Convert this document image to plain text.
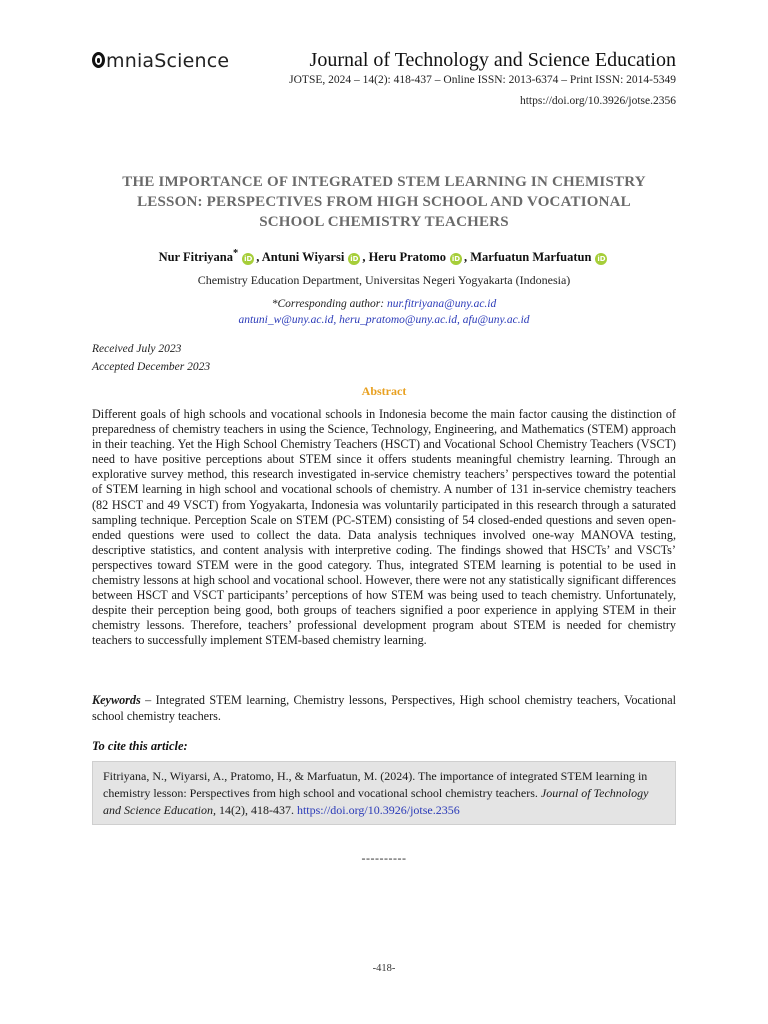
mniaScience	Journal of Technology and Science Education
JOTSE, 2024 – 14(2): 418-437 – Online ISSN: 2013-6374 – Print ISSN: 2014-5349
https://doi.org/10.3926/jotse.2356
THE IMPORTANCE OF INTEGRATED STEM LEARNING IN CHEMISTRY
LESSON: PERSPECTIVES FROM HIGH SCHOOL AND VOCATIONAL
SCHOOL CHEMISTRY TEACHERS
Nur Fitriyana*iD , Antuni Wiyarsi iD , Heru Pratomo iD , Marfuatun Marfuatun iD
Chemistry Education Department, Universitas Negeri Yogyakarta (Indonesia)
*Corresponding author: nur.fitriyana@uny.ac.id
antuni_w@uny.ac.id, heru_pratomo@uny.ac.id, afu@uny.ac.id
Received July 2023
Accepted December 2023
Abstract
Different goals of high schools and vocational schools in Indonesia become the main factor causing the distinction of preparedness of chemistry teachers in using the Science, Technology, Engineering, and Mathematics (STEM) approach in their teaching. Yet the High School Chemistry Teachers (HSCT) and Vocational School Chemistry Teachers (VSCT) need to have positive perceptions about STEM since it offers students meaningful chemistry learning. Through an explorative survey method, this research investigated in-service chemistry teachers’ perspectives toward the potential of STEM learning in high school and vocational schools of chemistry. A number of 131 in-service chemistry teachers (82 HSCT and 49 VSCT) from Yogyakarta, Indonesia was voluntarily participated in this research through a saturated sampling technique. Perception Scale on STEM (PC-STEM) consisting of 54 closed-ended questions and seven open-ended questions were used to collect the data. Data analysis techniques involved one-way MANOVA testing, descriptive statistics, and content analysis with interpretive coding. The findings showed that HSCTs’ and VSCTs’ perspectives toward STEM were in the good category. Thus, integrated STEM learning is potential to be used in chemistry lessons at high school and vocational school. However, there were not any statistically significant differences between HSCT and VSCT participants’ perceptions of how STEM was being used to teach chemistry. Unfortunately, despite their perception being good, both groups of teachers signified a poor experience in applying STEM in their chemistry lessons. Therefore, teachers’ professional development program about STEM is needed for chemistry teachers to successfully implement STEM-based chemistry learning.
Keywords – Integrated STEM learning, Chemistry lessons, Perspectives, High school chemistry teachers, Vocational school chemistry teachers.
To cite this article:
Fitriyana, N., Wiyarsi, A., Pratomo, H., & Marfuatun, M. (2024). The importance of integrated STEM learning in chemistry lesson: Perspectives from high school and vocational school chemistry teachers. Journal of Technology and Science Education, 14(2), 418-437. https://doi.org/10.3926/jotse.2356
----------
-418-
